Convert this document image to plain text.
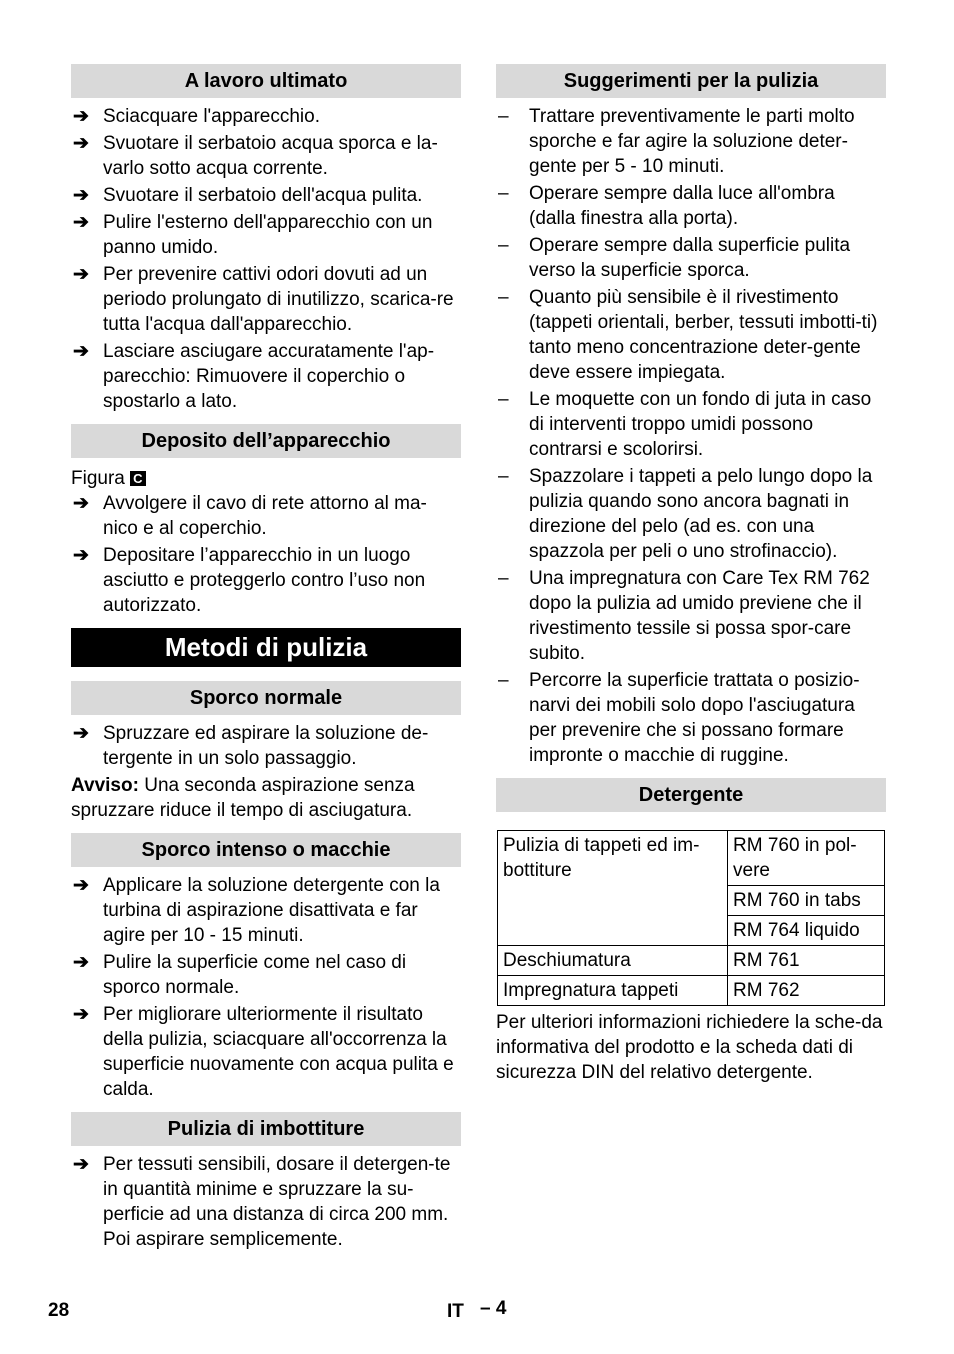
A lavoro ultimato
➔ Sciacquare l'apparecchio.
➔ Svuotare il serbatoio acqua sporca e la-varlo sotto acqua corrente.
➔ Svuotare il serbatoio dell'acqua pulita.
➔ Pulire l'esterno dell'apparecchio con un panno umido.
➔ Per prevenire cattivi odori dovuti ad un periodo prolungato di inutilizzo, scarica-re tutta l'acqua dall'apparecchio.
➔ Lasciare asciugare accuratamente l'ap-parecchio: Rimuovere il coperchio o spostarlo a lato.
Deposito dell’apparecchio

Figura C

➔ Avvolgere il cavo di rete attorno al ma-nico e al coperchio.
➔ Depositare l’apparecchio in un luogo asciutto e proteggerlo contro l’uso non autorizzato.
Metodi di pulizia
Sporco normale
➔ Spruzzare ed aspirare la soluzione de-tergente in un solo passaggio.

Avviso: Una seconda aspirazione senza spruzzare riduce il tempo di asciugatura.

Sporco intenso o macchie
➔ Applicare la soluzione detergente con la turbina di aspirazione disattivata e far agire per 10 - 15 minuti.
➔ Pulire la superficie come nel caso di sporco normale.
➔ Per migliorare ulteriormente il risultato della pulizia, sciacquare all'occorrenza la superficie nuovamente con acqua pulita e calda.
Pulizia di imbottiture
➔ Per tessuti sensibili, dosare il detergen-te in quantità minime e spruzzare la su-perficie ad una distanza di circa 200 mm. Poi aspirare semplicemente.
Suggerimenti per la pulizia
– Trattare preventivamente le parti molto sporche e far agire la soluzione deter-gente per 5 - 10 minuti.
– Operare sempre dalla luce all'ombra (dalla finestra alla porta).
– Operare sempre dalla superficie pulita verso la superficie sporca.
– Quanto più sensibile è il rivestimento (tappeti orientali, berber, tessuti imbotti-ti) tanto meno concentrazione deter-gente deve essere impiegata.
– Le moquette con un fondo di juta in caso di interventi troppo umidi possono contrarsi e scolorirsi.
– Spazzolare i tappeti a pelo lungo dopo la pulizia quando sono ancora bagnati in direzione del pelo (ad es. con una spazzola per peli o uno strofinaccio).
– Una impregnatura con Care Tex RM 762 dopo la pulizia ad umido previene che il rivestimento tessile si possa spor-care subito.
– Percorre la superficie trattata o posizio-narvi dei mobili solo dopo l'asciugatura per prevenire che si possano formare impronte o macchie di ruggine.
Detergente
Pulizia di tappeti ed im-bottiture	RM 760 in pol-vere
	RM 760 in tabs
	RM 764 liquido
Deschiumatura	RM 761
Impregnatura tappeti	RM 762

Per ulteriori informazioni richiedere la sche-da informativa del prodotto e la scheda dati di sicurezza DIN del relativo detergente.

28	IT – 4
